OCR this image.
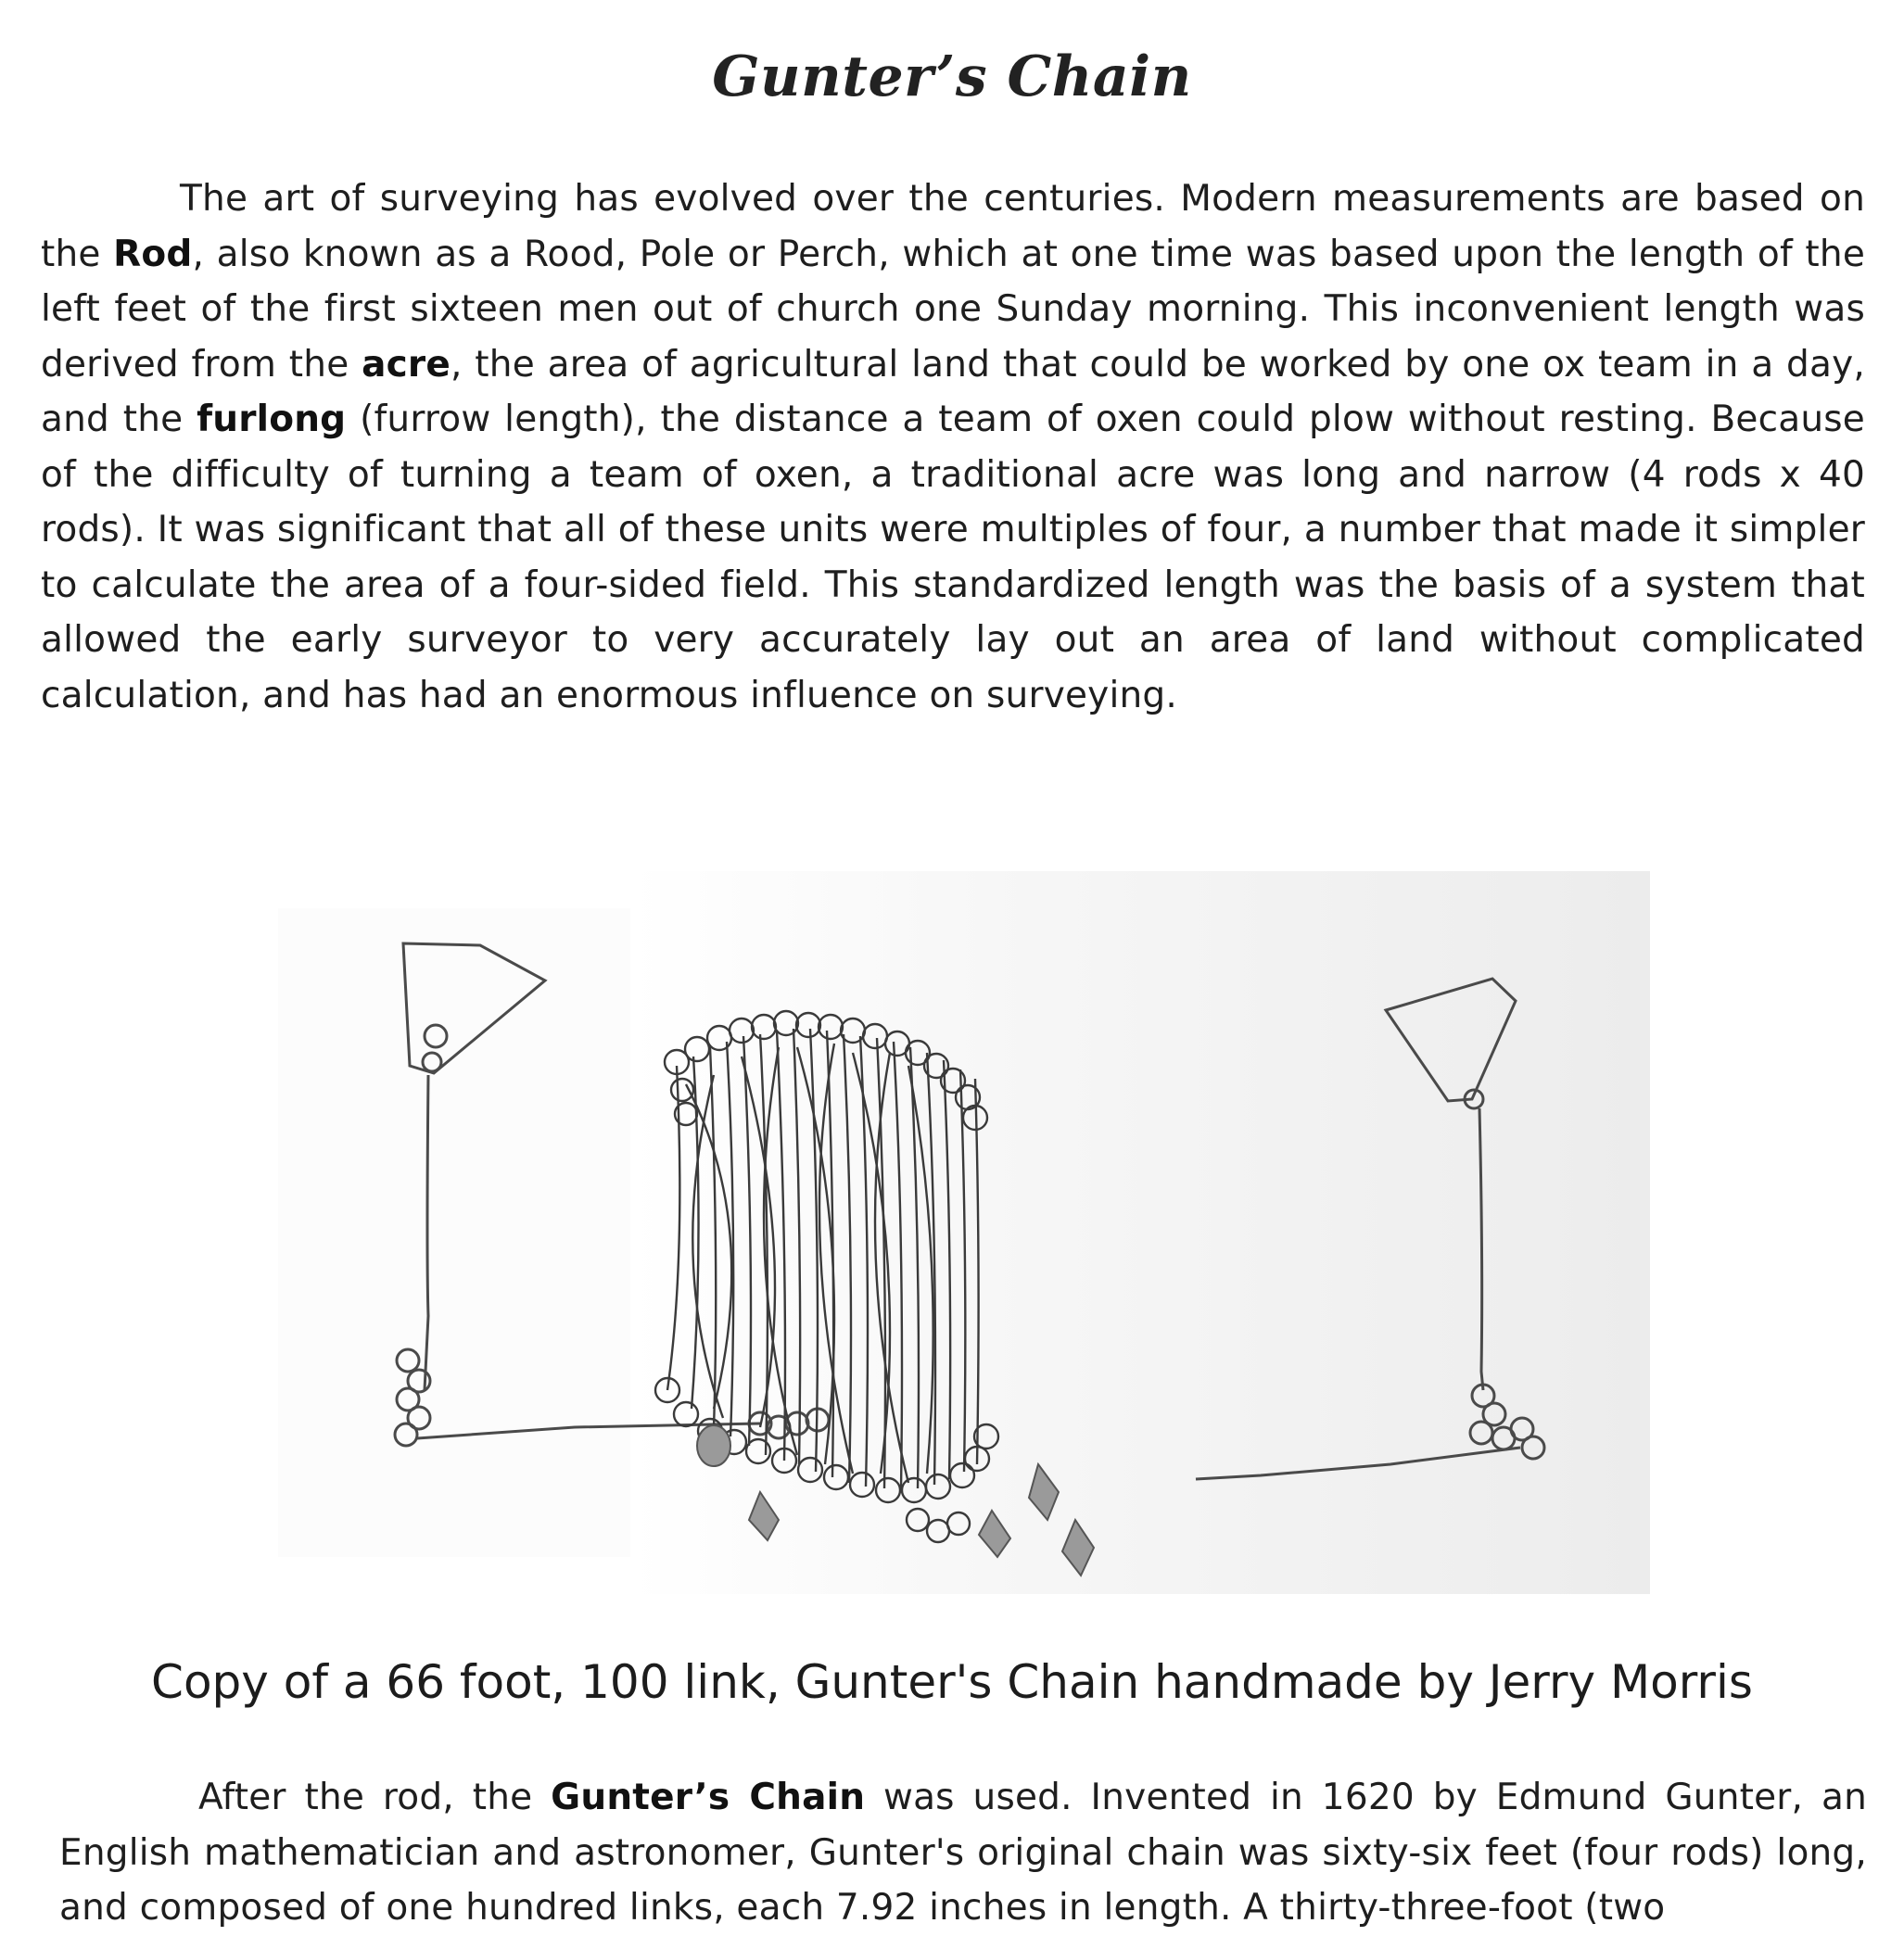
Gunter’s Chain
The art of surveying has evolved over the centuries. Modern measurements are based on the Rod, also known as a Rood, Pole or Perch, which at one time was based upon the length of the left feet of the first sixteen men out of church one Sunday morning. This inconvenient length was derived from the acre, the area of agricultural land that could be worked by one ox team in a day, and the furlong (furrow length), the distance a team of oxen could plow without resting. Because of the difficulty of turning a team of oxen, a traditional acre was long and narrow (4 rods x 40 rods). It was significant that all of these units were multiples of four, a number that made it simpler to calculate the area of a four-sided field. This standardized length was the basis of a system that allowed the early surveyor to very accurately lay out an area of land without complicated calculation, and has had an enormous influence on surveying.
Copy of a 66 foot, 100 link, Gunter's Chain handmade by Jerry Morris
After the rod, the Gunter’s Chain was used. Invented in 1620 by Edmund Gunter, an English mathematician and astronomer, Gunter's original chain was sixty-six feet (four rods) long, and composed of one hundred links, each 7.92 inches in length. A thirty-three-foot (two
